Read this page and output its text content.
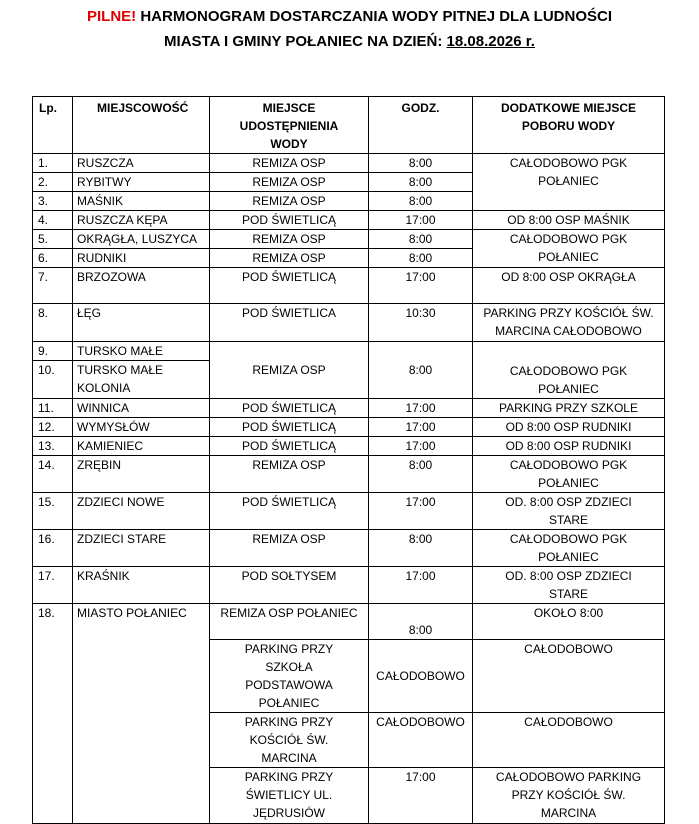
PILNE! HARMONOGRAM DOSTARCZANIA WODY PITNEJ DLA LUDNOŚCI
MIASTA I GMINY POŁANIEC NA DZIEŃ: 18.08.2026 r.
Lp.	MIEJSCOWOŚĆ	MIEJSCE UDOSTĘPNIENIA WODY	GODZ.	DODATKOWE MIEJSCE POBORU WODY
1.	RUSZCZA	REMIZA OSP	8:00	CAŁODOBOWO PGK POŁANIEC
2.	RYBITWY	REMIZA OSP	8:00	
3.	MAŚNIK	REMIZA OSP	8:00	
4.	RUSZCZA KĘPA	POD ŚWIETLICĄ	17:00	OD 8:00 OSP MAŚNIK
5.	OKRĄGŁA, LUSZYCA	REMIZA OSP	8:00	CAŁODOBOWO PGK POŁANIEC
6.	RUDNIKI	REMIZA OSP	8:00	
7.	BRZOZOWA	POD ŚWIETLICĄ	17:00	OD 8:00 OSP OKRĄGŁA
8.	ŁĘG	POD ŚWIETLICA	10:30	PARKING PRZY KOŚCIÓŁ ŚW. MARCINA CAŁODOBOWO
9.	TURSKO MAŁE	REMIZA OSP	8:00	CAŁODOBOWO PGK POŁANIEC
10.	TURSKO MAŁE KOLONIA			
11.	WINNICA	POD ŚWIETLICĄ	17:00	PARKING PRZY SZKOLE
12.	WYMYSŁÓW	POD ŚWIETLICĄ	17:00	OD 8:00 OSP RUDNIKI
13.	KAMIENIEC	POD ŚWIETLICĄ	17:00	OD 8:00 OSP RUDNIKI
14.	ZRĘBIN	REMIZA OSP	8:00	CAŁODOBOWO PGK POŁANIEC
15.	ZDZIECI NOWE	POD ŚWIETLICĄ	17:00	OD. 8:00 OSP ZDZIECI STARE
16.	ZDZIECI STARE	REMIZA OSP	8:00	CAŁODOBOWO PGK POŁANIEC
17.	KRAŚNIK	POD SOŁTYSEM	17:00	OD. 8:00 OSP ZDZIECI STARE
18.	MIASTO POŁANIEC	REMIZA OSP POŁANIEC	8:00	OKOŁO 8:00
		PARKING PRZY SZKOŁA PODSTAWOWA POŁANIEC	CAŁODOBOWO	CAŁODOBOWO
		PARKING PRZY KOŚCIÓŁ ŚW. MARCINA	CAŁODOBOWO	CAŁODOBOWO
		PARKING PRZY ŚWIETLICY UL. JĘDRUSIÓW	17:00	CAŁODOBOWO PARKING PRZY KOŚCIÓŁ ŚW. MARCINA
